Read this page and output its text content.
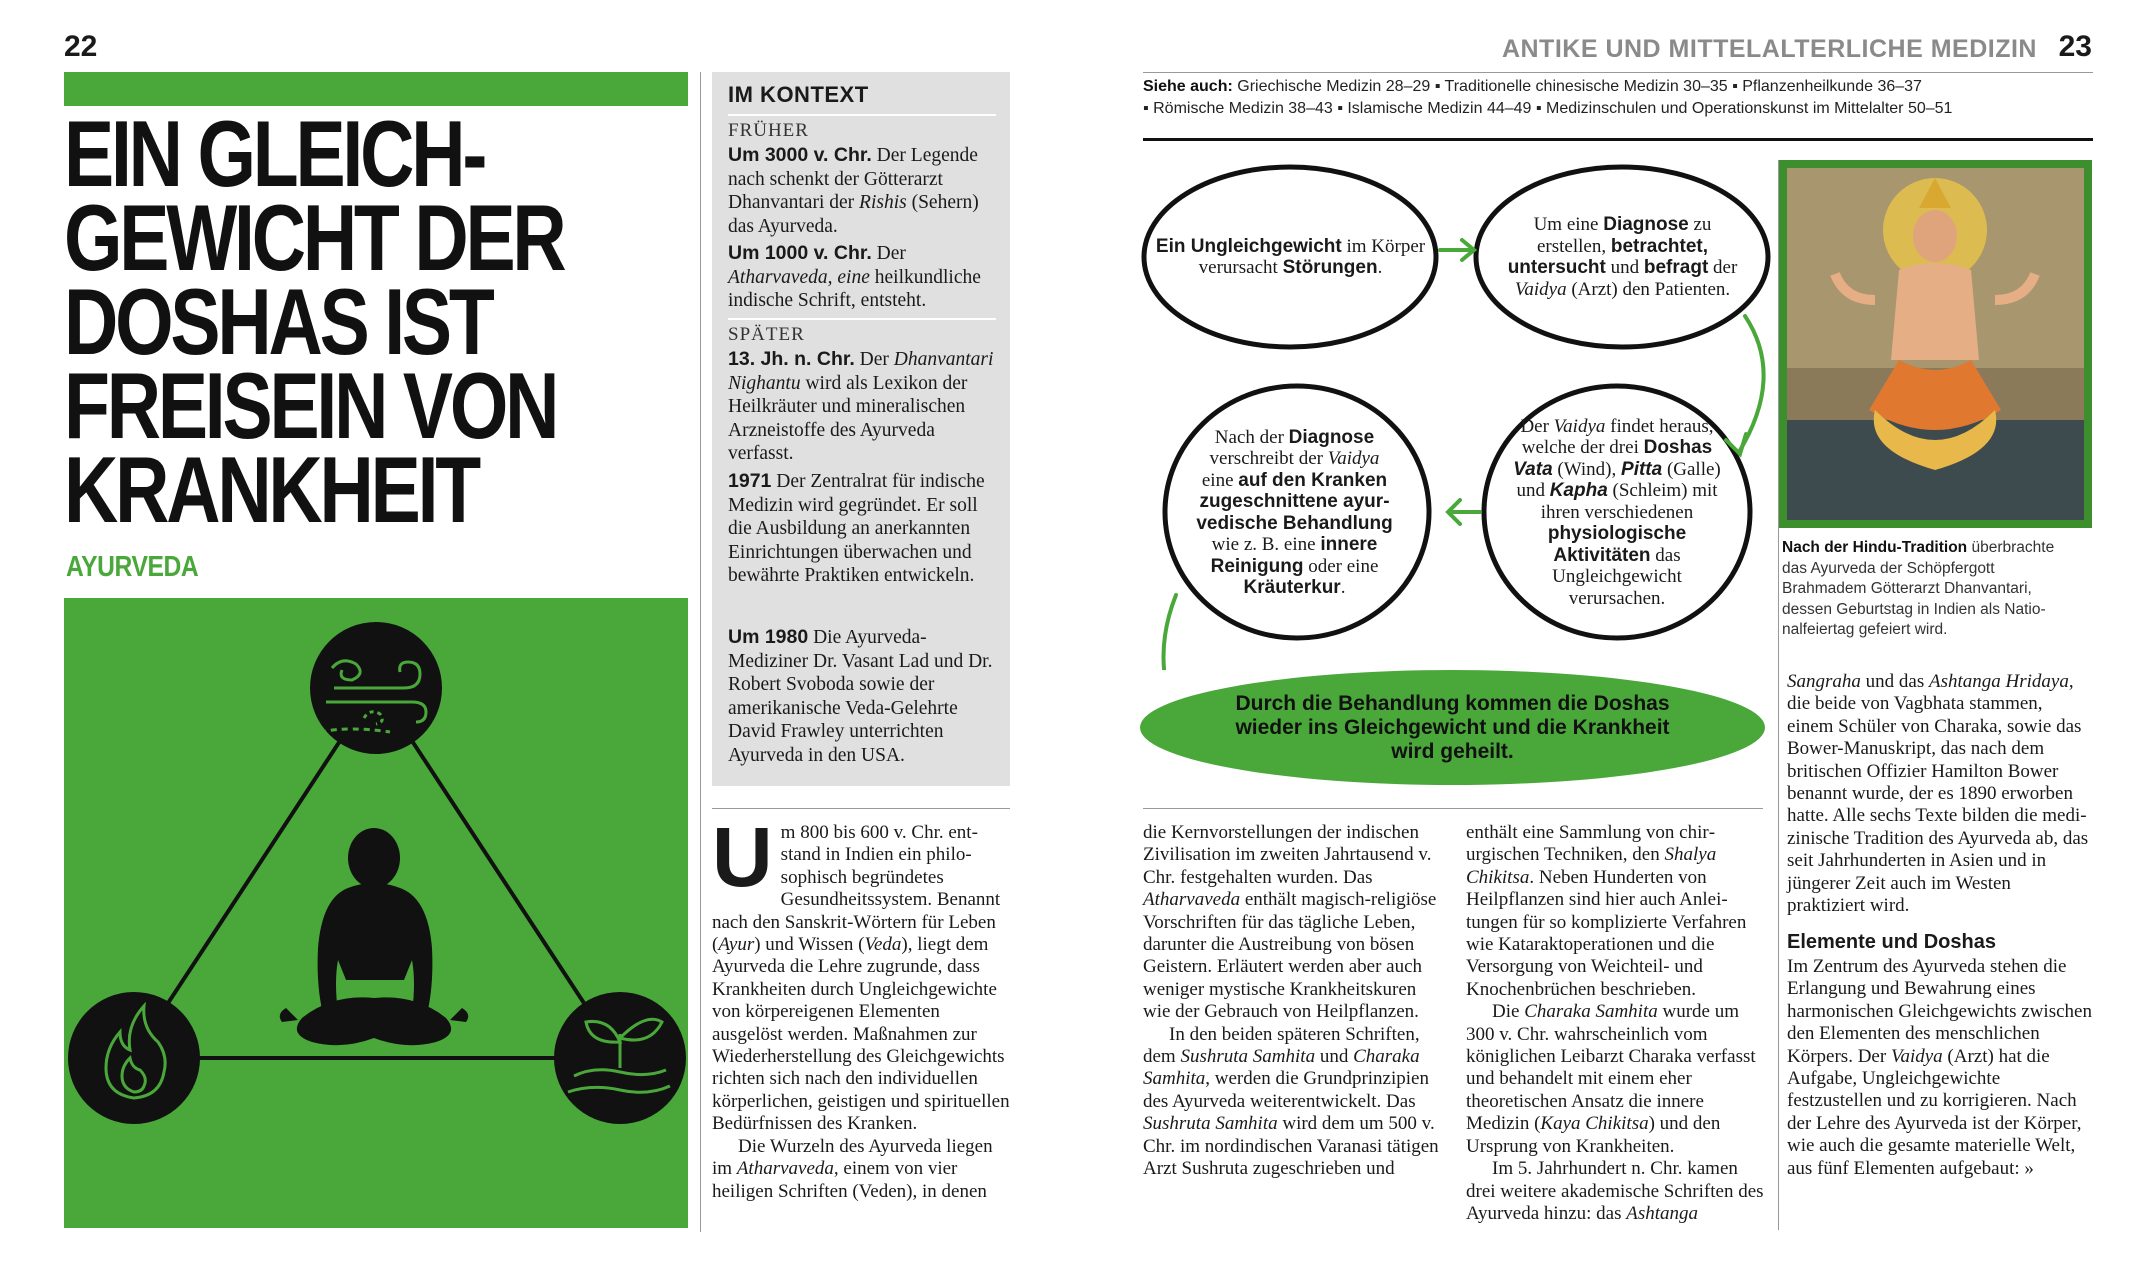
22	23
ANTIKE UND MITTELALTERLICHE MEDIZIN
EIN GLEICH-
GEWICHT DER
DOSHAS IST
FREISEIN VON
KRANKHEIT
AYURVEDA
IM KONTEXT
FRÜHER
Um 3000 v. Chr. Der Legende nach schenkt der Götterarzt Dhanvantari der Rishis (Sehern) das Ayurveda.
Um 1000 v. Chr. Der Atharvaveda, eine heilkundliche indische Schrift, entsteht.
SPÄTER
13. Jh. n. Chr. Der Dhanvantari Nighantu wird als Lexikon der Heilkräuter und mineralischen Arzneistoffe des Ayurveda verfasst.
1971 Der Zentralrat für indische Medizin wird gegründet. Er soll die Ausbildung an anerkannten Einrichtungen überwachen und bewährte Praktiken entwickeln.
Um 1980 Die Ayurveda-Mediziner Dr. Vasant Lad und Dr. Robert Svoboda sowie der amerikanische Veda-Gelehrte David Frawley unterrichten Ayurveda in den USA.

Um 800 bis 600 v. Chr. entstand in Indien ein philosophisch begründetes Gesundheitssystem. Benannt nach den Sanskrit-Wörtern für Leben (Ayur) und Wissen (Veda), liegt dem Ayurveda die Lehre zugrunde, dass Krankheiten durch Ungleichgewichte von körpereigenen Elementen ausgelöst werden. Maßnahmen zur Wiederherstellung des Gleichgewichts richten sich nach den individuellen körperlichen, geistigen und spirituellen Bedürfnissen des Kranken.

Die Wurzeln des Ayurveda liegen im Atharvaveda, einem von vier heiligen Schriften (Veden), in denen

Siehe auch: Griechische Medizin 28–29 ▪ Traditionelle chinesische Medizin 30–35 ▪ Pflanzenheilkunde 36–37
▪ Römische Medizin 38–43 ▪ Islamische Medizin 44–49 ▪ Medizinschulen und Operationskunst im Mittelalter 50–51
Ein Ungleichgewicht im Körper verursacht Störungen.
Um eine Diagnose zu erstellen, betrachtet, untersucht und befragt der Vaidya (Arzt) den Patienten.
Nach der Diagnose verschreibt der Vaidya eine auf den Kranken zugeschnittene ayurvedische Behandlung wie z. B. eine innere Reinigung oder eine Kräuterkur.
Der Vaidya findet heraus, welche der drei Doshas Vata (Wind), Pitta (Galle) und Kapha (Schleim) mit ihren verschiedenen physiologische Aktivitäten das Ungleichgewicht verursachen.
Durch die Behandlung kommen die Doshas wieder ins Gleichgewicht und die Krankheit wird geheilt.
Nach der Hindu-Tradition überbrachte das Ayurveda der Schöpfergott Brahmadem Götterarzt Dhanvantari, dessen Geburtstag in Indien als Nationalfeiertag gefeiert wird.

die Kernvorstellungen der indischen Zivilisation im zweiten Jahrtausend v. Chr. festgehalten wurden. Das Atharvaveda enthält magisch-religiöse Vorschriften für das tägliche Leben, darunter die Austreibung von bösen Geistern. Erläutert werden aber auch weniger mystische Krankheitskuren wie der Gebrauch von Heilpflanzen.

In den beiden späteren Schriften, dem Sushruta Samhita und Charaka Samhita, werden die Grundprinzipien des Ayurveda weiterentwickelt. Das Sushruta Samhita wird dem um 500 v. Chr. im nordindischen Varanasi tätigen Arzt Sushruta zugeschrieben und

enthält eine Sammlung von chirurgischen Techniken, den Shalya Chikitsa. Neben Hunderten von Heilpflanzen sind hier auch Anleitungen für so komplizierte Verfahren wie Kataraktoperationen und die Versorgung von Weichteil- und Knochenbrüchen beschrieben.

Die Charaka Samhita wurde um 300 v. Chr. wahrscheinlich vom königlichen Leibarzt Charaka verfasst und behandelt mit einem eher theoretischen Ansatz die innere Medizin (Kaya Chikitsa) und den Ursprung von Krankheiten.

Im 5. Jahrhundert n. Chr. kamen drei weitere akademische Schriften des Ayurveda hinzu: das Ashtanga

Sangraha und das Ashtanga Hridaya, die beide von Vagbhata stammen, einem Schüler von Charaka, sowie das Bower-Manuskript, das nach dem britischen Offizier Hamilton Bower benannt wurde, der es 1890 erworben hatte. Alle sechs Texte bilden die medizinische Tradition des Ayurveda ab, das seit Jahrhunderten in Asien und in jüngerer Zeit auch im Westen praktiziert wird.

Elemente und Doshas

Im Zentrum des Ayurveda stehen die Erlangung und Bewahrung eines harmonischen Gleichgewichts zwischen den Elementen des menschlichen Körpers. Der Vaidya (Arzt) hat die Aufgabe, Ungleichgewichte festzustellen und zu korrigieren. Nach der Lehre des Ayurveda ist der Körper, wie auch die gesamte materielle Welt, aus fünf Elementen aufgebaut: »
